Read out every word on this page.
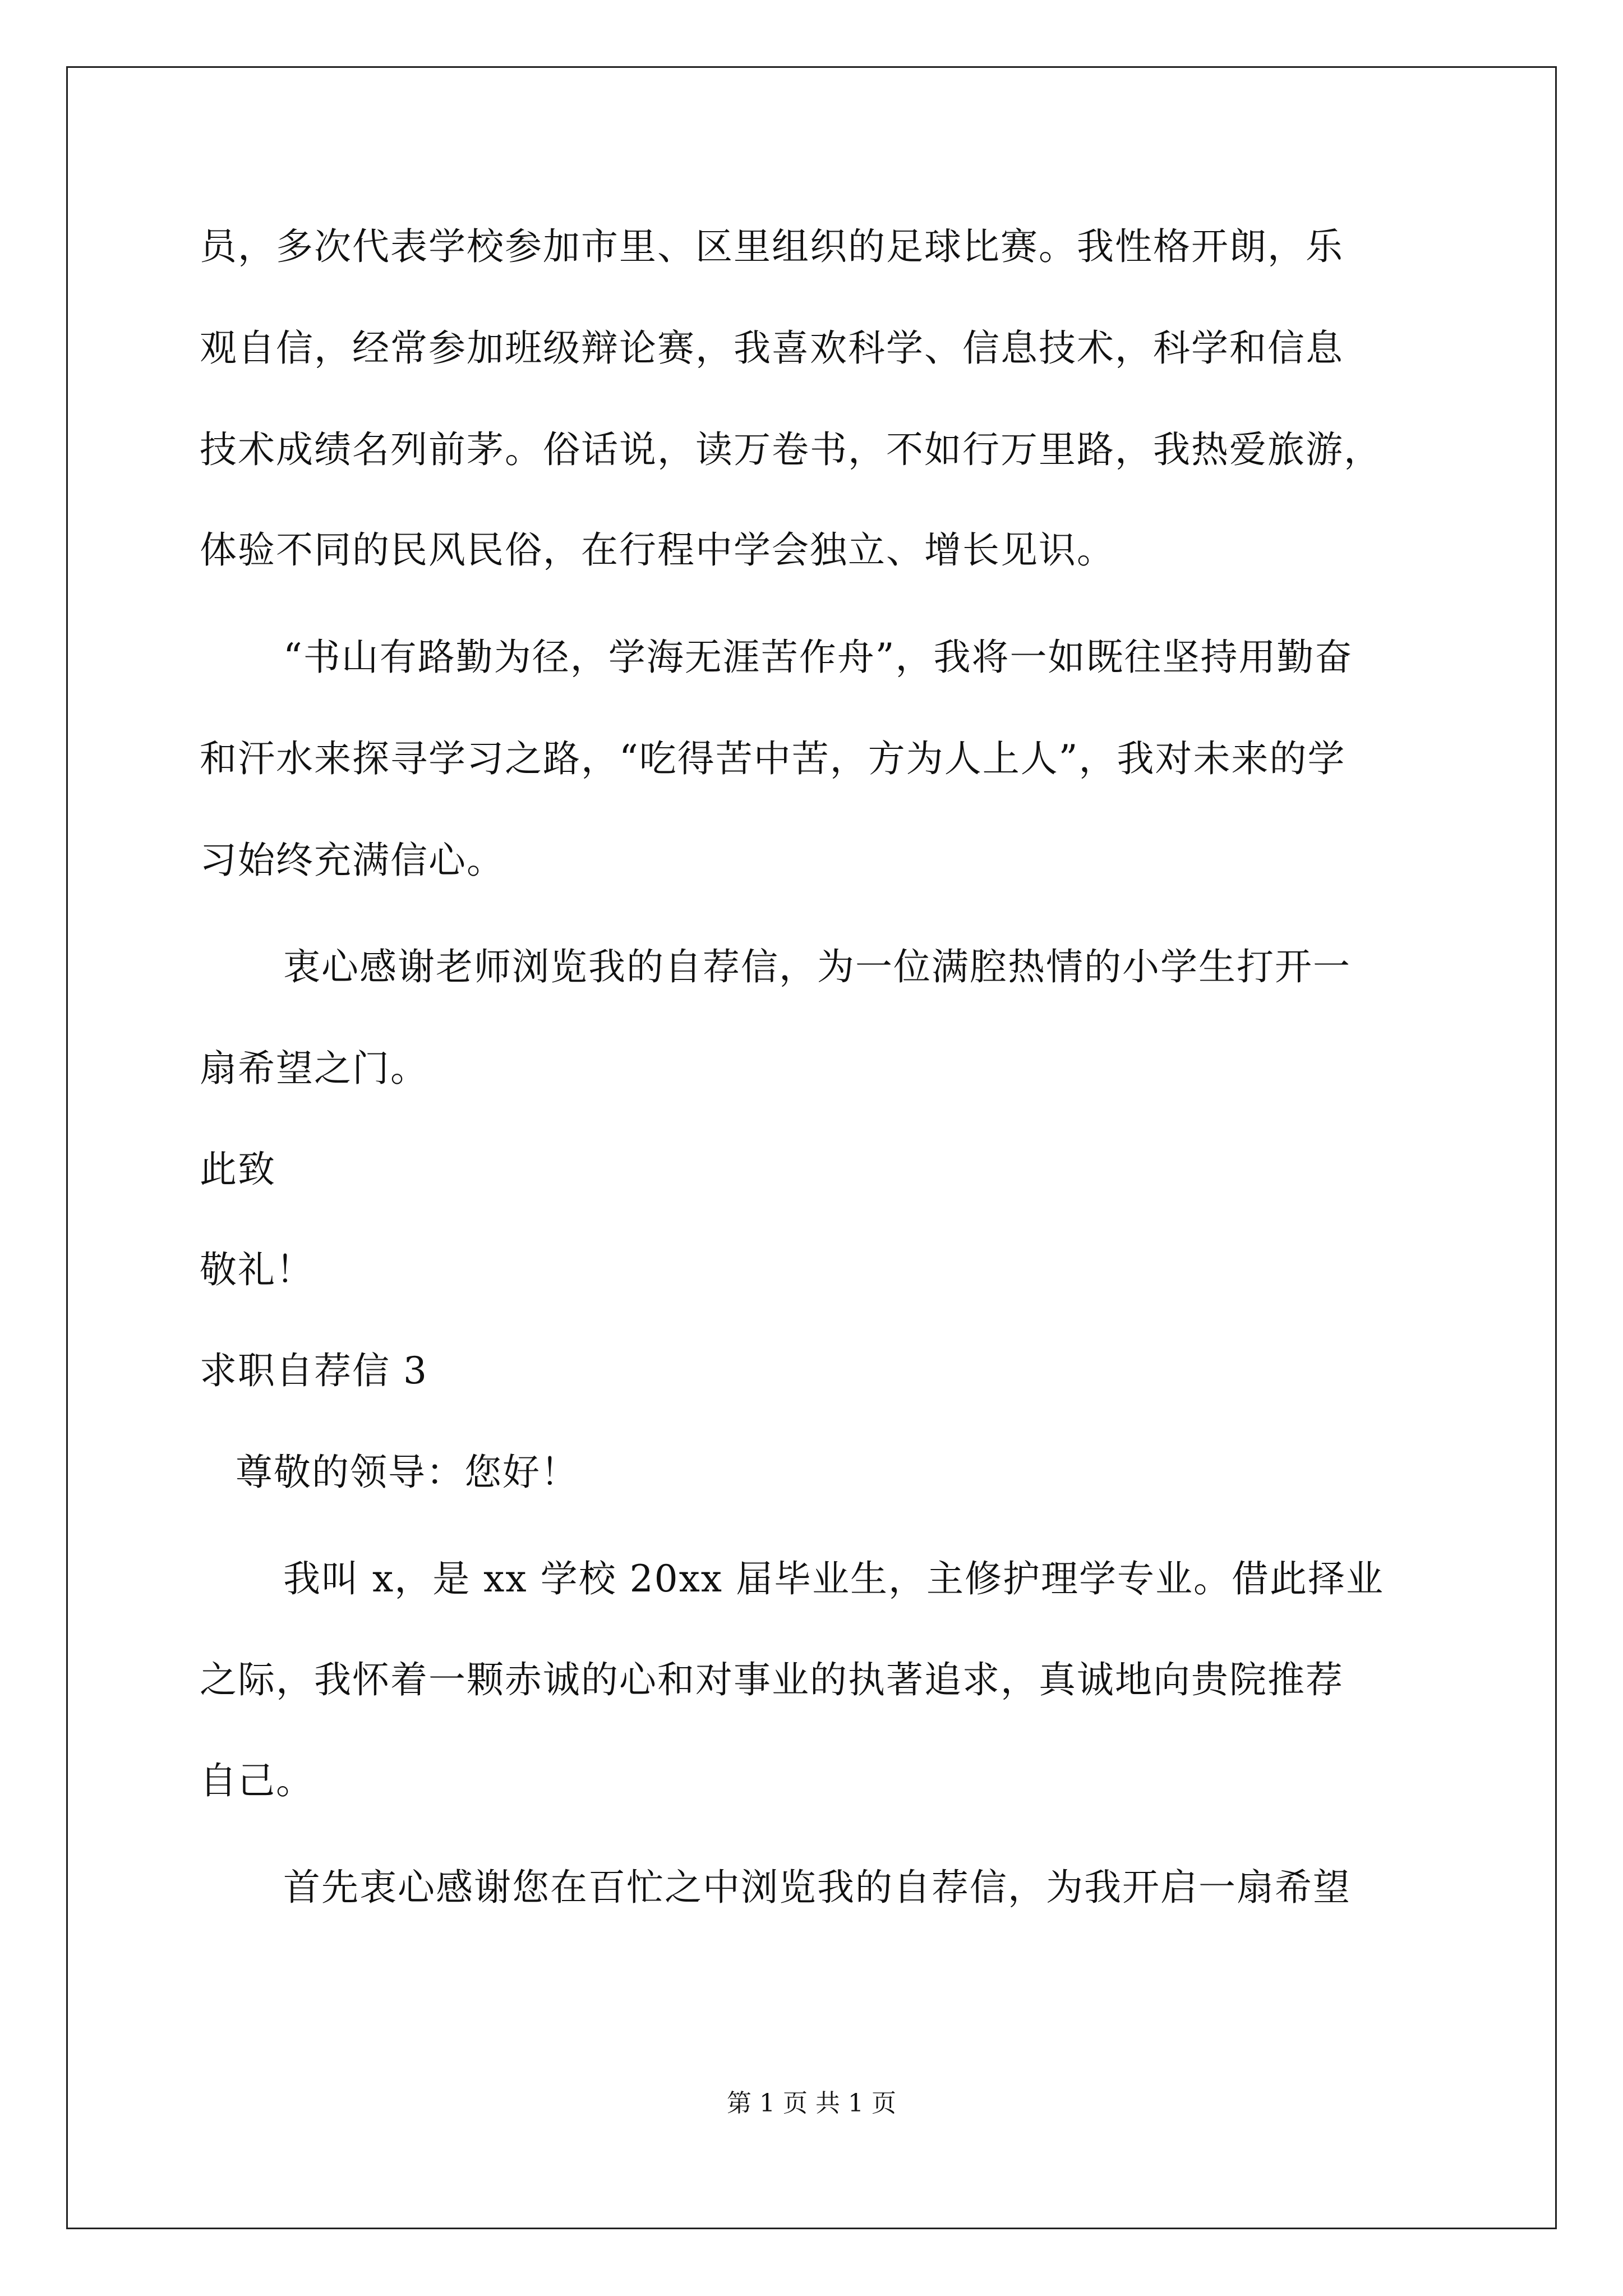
员，多次代表学校参加市里、区里组织的足球比赛。我性格开朗，乐
观自信，经常参加班级辩论赛，我喜欢科学、信息技术，科学和信息
技术成绩名列前茅。俗话说，读万卷书，不如行万里路，我热爱旅游，
体验不同的民风民俗，在行程中学会独立、增长见识。
“书山有路勤为径，学海无涯苦作舟”，我将一如既往坚持用勤奋
和汗水来探寻学习之路，“吃得苦中苦，方为人上人”，我对未来的学
习始终充满信心。
衷心感谢老师浏览我的自荐信，为一位满腔热情的小学生打开一
扇希望之门。
此致
敬礼！
求职自荐信 3
尊敬的领导：您好！
我叫 x，是 xx 学校 20xx 届毕业生，主修护理学专业。借此择业
之际，我怀着一颗赤诚的心和对事业的执著追求，真诚地向贵院推荐
自己。
首先衷心感谢您在百忙之中浏览我的自荐信，为我开启一扇希望
第 1 页 共 1 页
